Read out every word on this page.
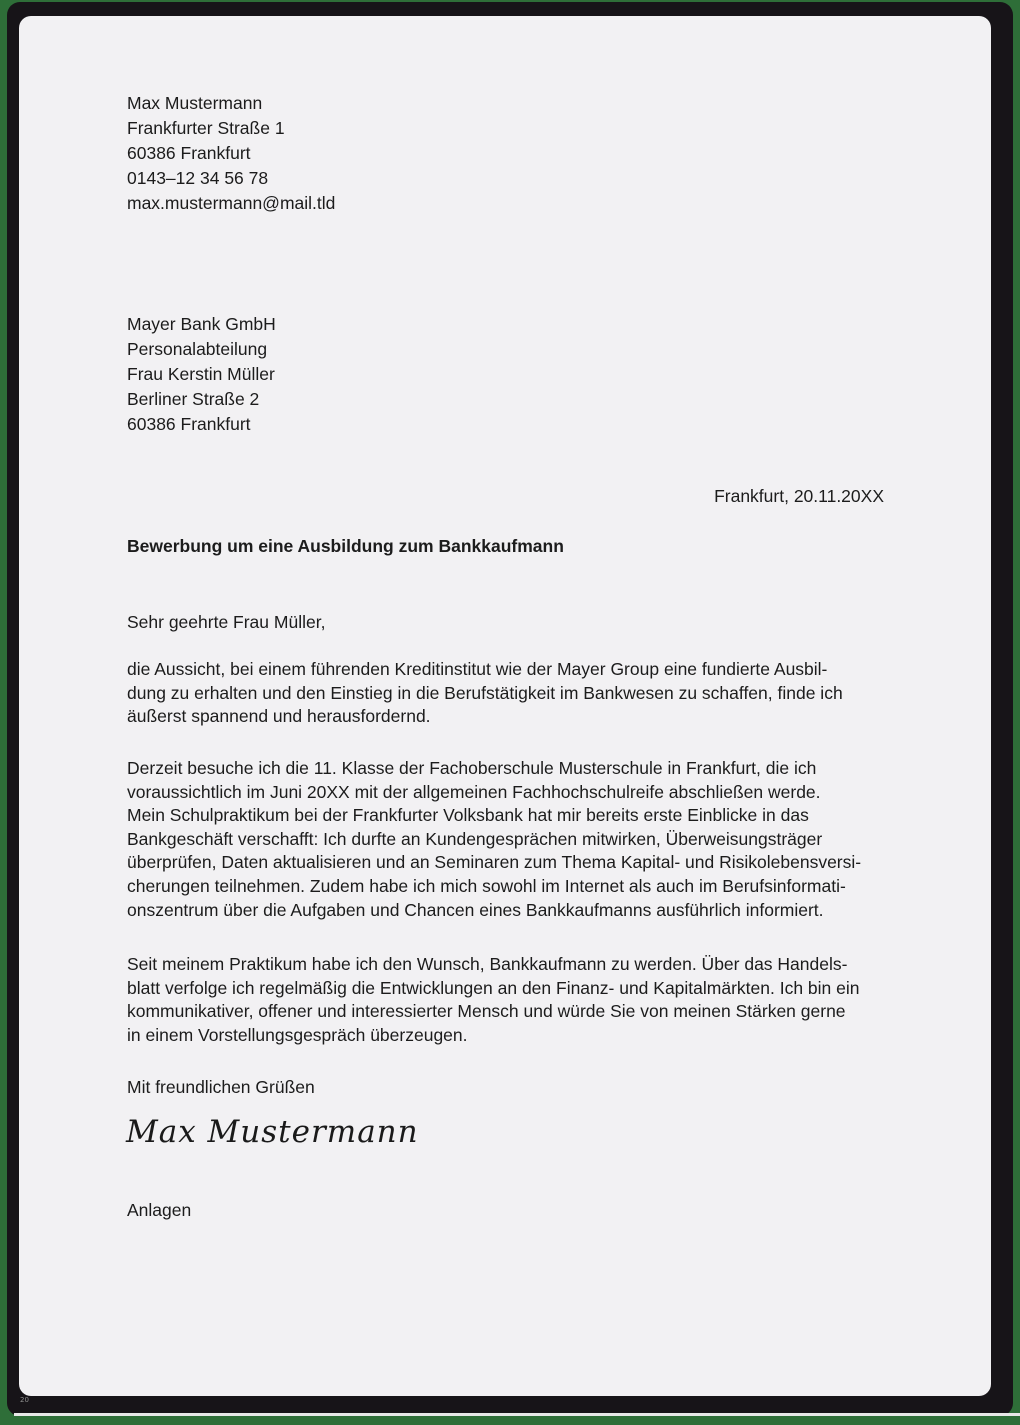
Max Mustermann
Frankfurter Straße 1
60386 Frankfurt
0143–12 34 56 78
max.mustermann@mail.tld
Mayer Bank GmbH
Personalabteilung
Frau Kerstin Müller
Berliner Straße 2
60386 Frankfurt
Frankfurt, 20.11.20XX
Bewerbung um eine Ausbildung zum Bankkaufmann
Sehr geehrte Frau Müller,
die Aussicht, bei einem führenden Kreditinstitut wie der Mayer Group eine fundierte Ausbil-
dung zu erhalten und den Einstieg in die Berufstätigkeit im Bankwesen zu schaffen, finde ich
äußerst spannend und herausfordernd.
Derzeit besuche ich die 11. Klasse der Fachoberschule Musterschule in Frankfurt, die ich
voraussichtlich im Juni 20XX mit der allgemeinen Fachhochschulreife abschließen werde.
Mein Schulpraktikum bei der Frankfurter Volksbank hat mir bereits erste Einblicke in das
Bankgeschäft verschafft: Ich durfte an Kundengesprächen mitwirken, Überweisungsträger
überprüfen, Daten aktualisieren und an Seminaren zum Thema Kapital- und Risikolebensversi-
cherungen teilnehmen. Zudem habe ich mich sowohl im Internet als auch im Berufsinformati-
onszentrum über die Aufgaben und Chancen eines Bankkaufmanns ausführlich informiert.
Seit meinem Praktikum habe ich den Wunsch, Bankkaufmann zu werden. Über das Handels-
blatt verfolge ich regelmäßig die Entwicklungen an den Finanz- und Kapitalmärkten. Ich bin ein
kommunikativer, offener und interessierter Mensch und würde Sie von meinen Stärken gerne
in einem Vorstellungsgespräch überzeugen.
Mit freundlichen Grüßen
Max Mustermann
Anlagen
20
